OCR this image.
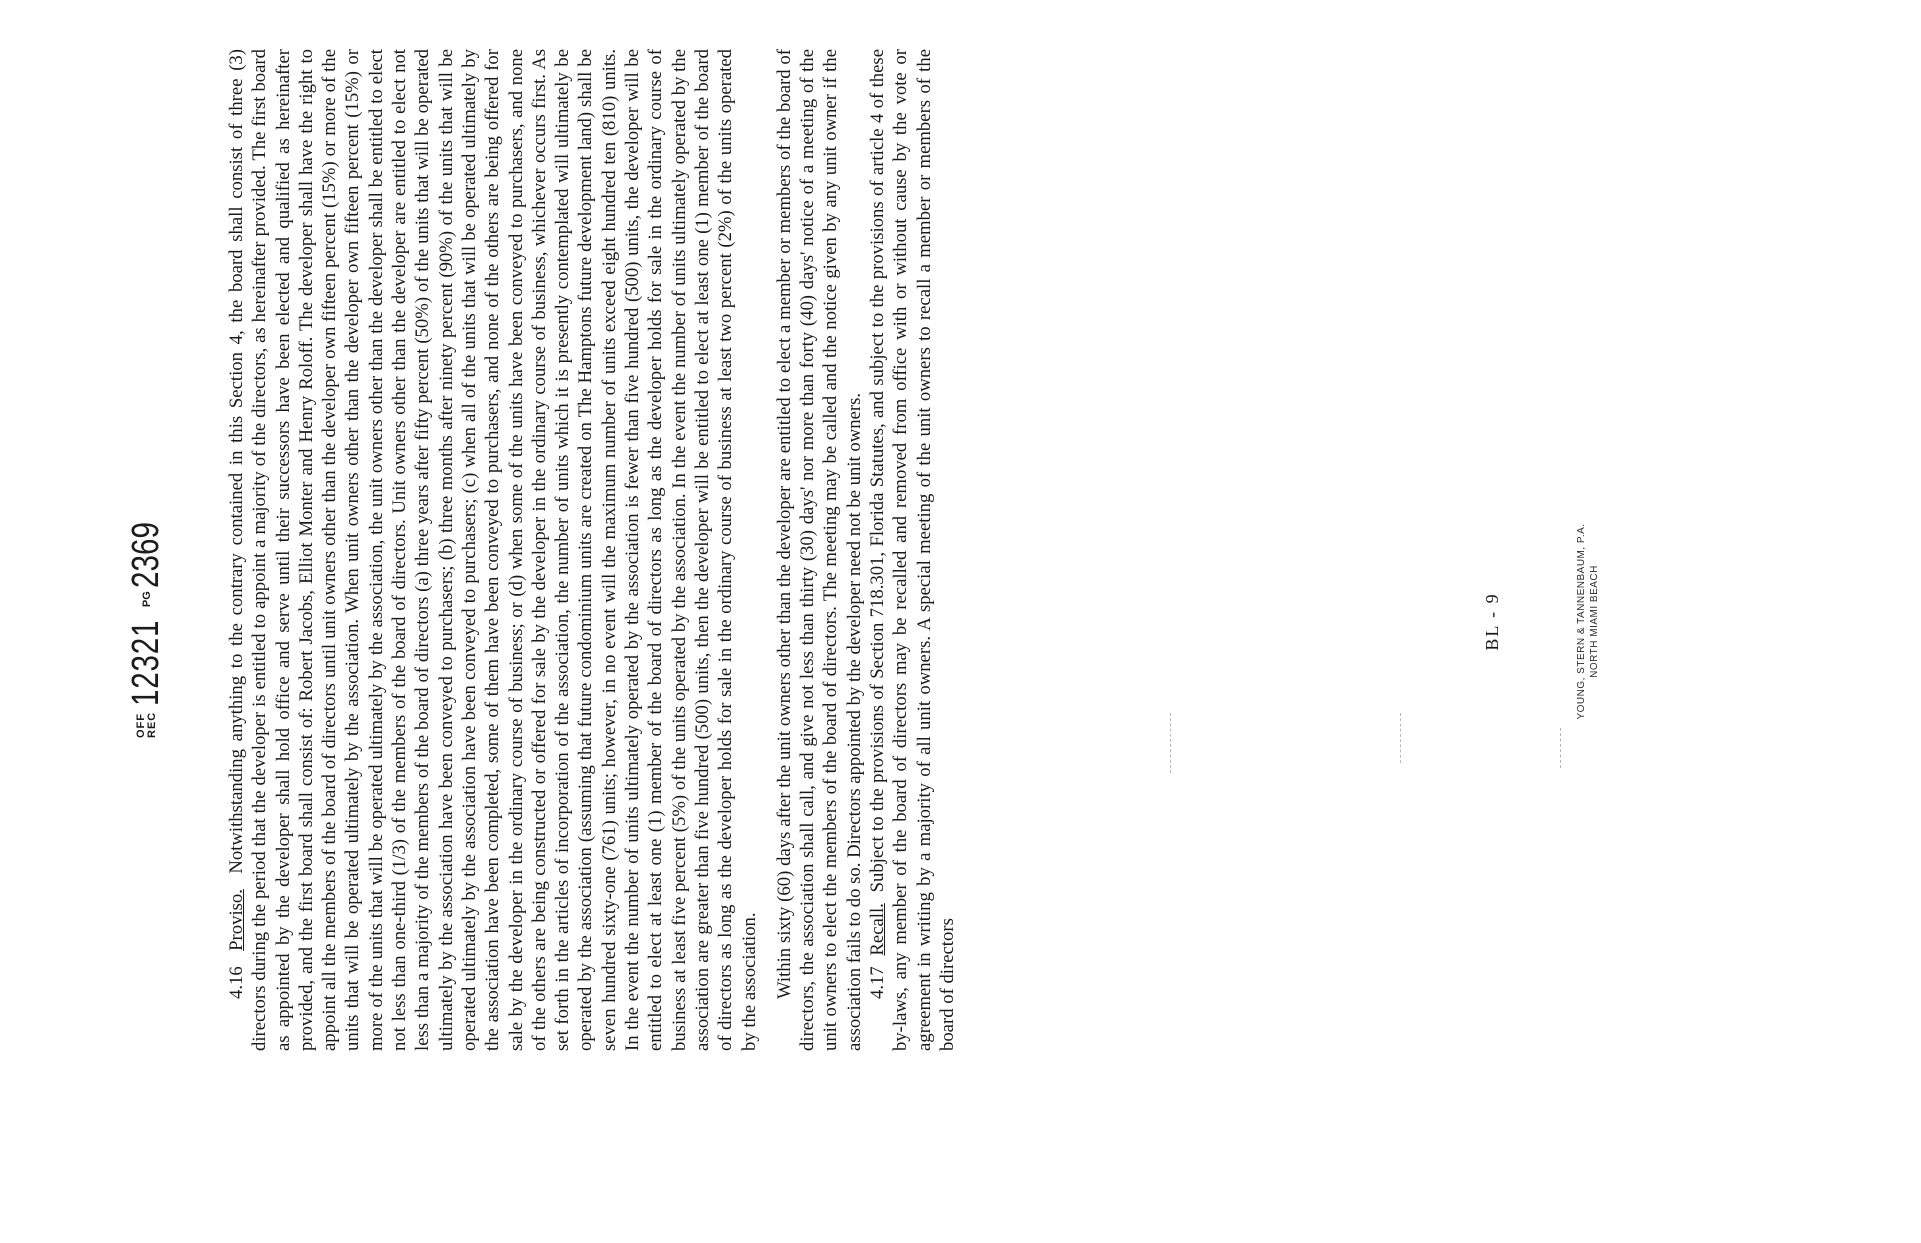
OFF REC
12321
PG
2369

4.16  Proviso.  Notwithstanding anything to the contrary contained in this Section 4, the board shall consist of three (3) directors during the period that the developer is entitled to appoint a majority of the directors, as hereinafter provided. The first board as appointed by the developer shall hold office and serve until their successors have been elected and qualified as hereinafter provided, and the first board shall consist of: Robert Jacobs, Elliot Monter and Henry Roloff. The developer shall have the right to appoint all the members of the board of directors until unit owners other than the developer own fifteen percent (15%) or more of the units that will be operated ultimately by the association. When unit owners other than the developer own fifteen percent (15%) or more of the units that will be operated ultimately by the association, the unit owners other than the developer shall be entitled to elect not less than one-third (1/3) of the members of the board of directors. Unit owners other than the developer are entitled to elect not less than a majority of the members of the board of directors (a) three years after fifty percent (50%) of the units that will be operated ultimately by the association have been conveyed to purchasers; (b) three months after ninety percent (90%) of the units that will be operated ultimately by the association have been conveyed to purchasers; (c) when all of the units that will be operated ultimately by the association have been completed, some of them have been conveyed to purchasers, and none of the others are being offered for sale by the developer in the ordinary course of business; or (d) when some of the units have been conveyed to purchasers, and none of the others are being constructed or offered for sale by the developer in the ordinary course of business, whichever occurs first. As set forth in the articles of incorporation of the association, the number of units which it is presently contemplated will ultimately be operated by the association (assuming that future condominium units are created on The Hamptons future development land) shall be seven hundred sixty-one (761) units; however, in no event will the maximum number of units exceed eight hundred ten (810) units. In the event the number of units ultimately operated by the association is fewer than five hundred (500) units, the developer will be entitled to elect at least one (1) member of the board of directors as long as the developer holds for sale in the ordinary course of business at least five percent (5%) of the units operated by the association. In the event the number of units ultimately operated by the association are greater than five hundred (500) units, then the developer will be entitled to elect at least one (1) member of the board of directors as long as the developer holds for sale in the ordinary course of business at least two percent (2%) of the units operated by the association. Within sixty (60) days after the unit owners other than the developer are entitled to elect a member or members of the board of directors, the association shall call, and give not less than thirty (30) days' nor more than forty (40) days' notice of a meeting of the unit owners to elect the members of the board of directors. The meeting may be called and the notice given by any unit owner if the association fails to do so. Directors appointed by the developer need not be unit owners. 4.17  Recall.  Subject to the provisions of Section 718.301, Florida Statutes, and subject to the provisions of article 4 of these by-laws, any member of the board of directors may be recalled and removed from office with or without cause by the vote or agreement in writing by a majority of all unit owners. A special meeting of the unit owners to recall a member or members of the board of directors

BL - 9	YOUNG, STERN & TANNENBAUM, P.A. NORTH MIAMI BEACH
